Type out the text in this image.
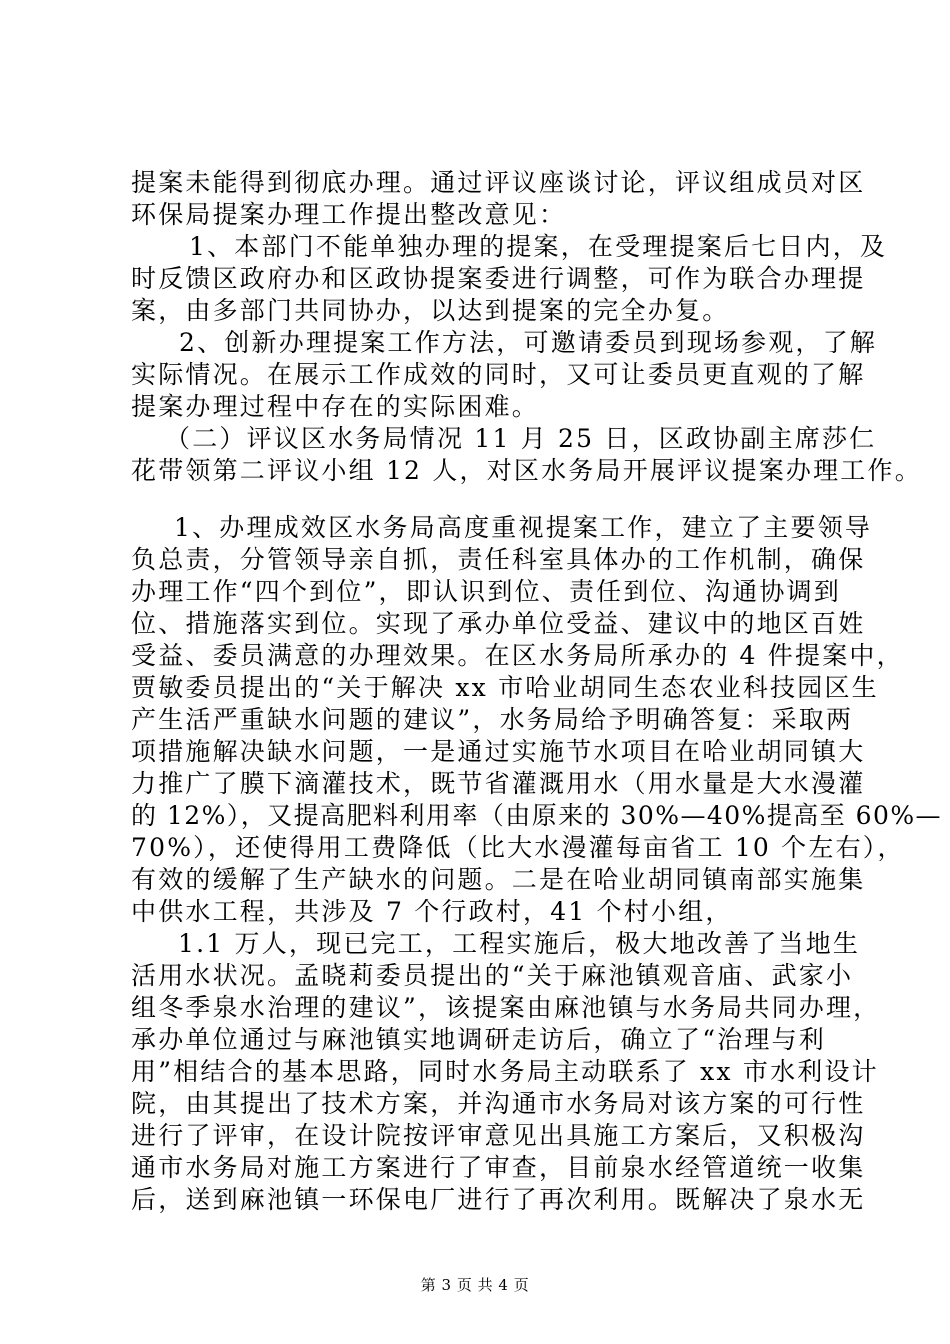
提案未能得到彻底办理。通过评议座谈讨论，评议组成员对区
环保局提案办理工作提出整改意见：
1、本部门不能单独办理的提案，在受理提案后七日内，及
时反馈区政府办和区政协提案委进行调整，可作为联合办理提
案，由多部门共同协办，以达到提案的完全办复。
2、创新办理提案工作方法，可邀请委员到现场参观，了解
实际情况。在展示工作成效的同时，又可让委员更直观的了解
提案办理过程中存在的实际困难。
（二）评议区水务局情况 11 月 25 日，区政协副主席莎仁
花带领第二评议小组 12 人，对区水务局开展评议提案办理工作。
1、办理成效区水务局高度重视提案工作，建立了主要领导
负总责，分管领导亲自抓，责任科室具体办的工作机制，确保
办理工作“四个到位”，即认识到位、责任到位、沟通协调到
位、措施落实到位。实现了承办单位受益、建议中的地区百姓
受益、委员满意的办理效果。在区水务局所承办的 4 件提案中，
贾敏委员提出的“关于解决 xx 市哈业胡同生态农业科技园区生
产生活严重缺水问题的建议”，水务局给予明确答复：采取两
项措施解决缺水问题，一是通过实施节水项目在哈业胡同镇大
力推广了膜下滴灌技术，既节省灌溉用水（用水量是大水漫灌
的 12%），又提高肥料利用率（由原来的 30%—40%提高至 60%—
70%），还使得用工费降低（比大水漫灌每亩省工 10 个左右），
有效的缓解了生产缺水的问题。二是在哈业胡同镇南部实施集
中供水工程，共涉及 7 个行政村，41 个村小组，
1.1 万人，现已完工，工程实施后，极大地改善了当地生
活用水状况。孟晓莉委员提出的“关于麻池镇观音庙、武家小
组冬季泉水治理的建议”，该提案由麻池镇与水务局共同办理，
承办单位通过与麻池镇实地调研走访后，确立了“治理与利
用”相结合的基本思路，同时水务局主动联系了 xx 市水利设计
院，由其提出了技术方案，并沟通市水务局对该方案的可行性
进行了评审，在设计院按评审意见出具施工方案后，又积极沟
通市水务局对施工方案进行了审查，目前泉水经管道统一收集
后，送到麻池镇一环保电厂进行了再次利用。既解决了泉水无
第 3 页 共 4 页
